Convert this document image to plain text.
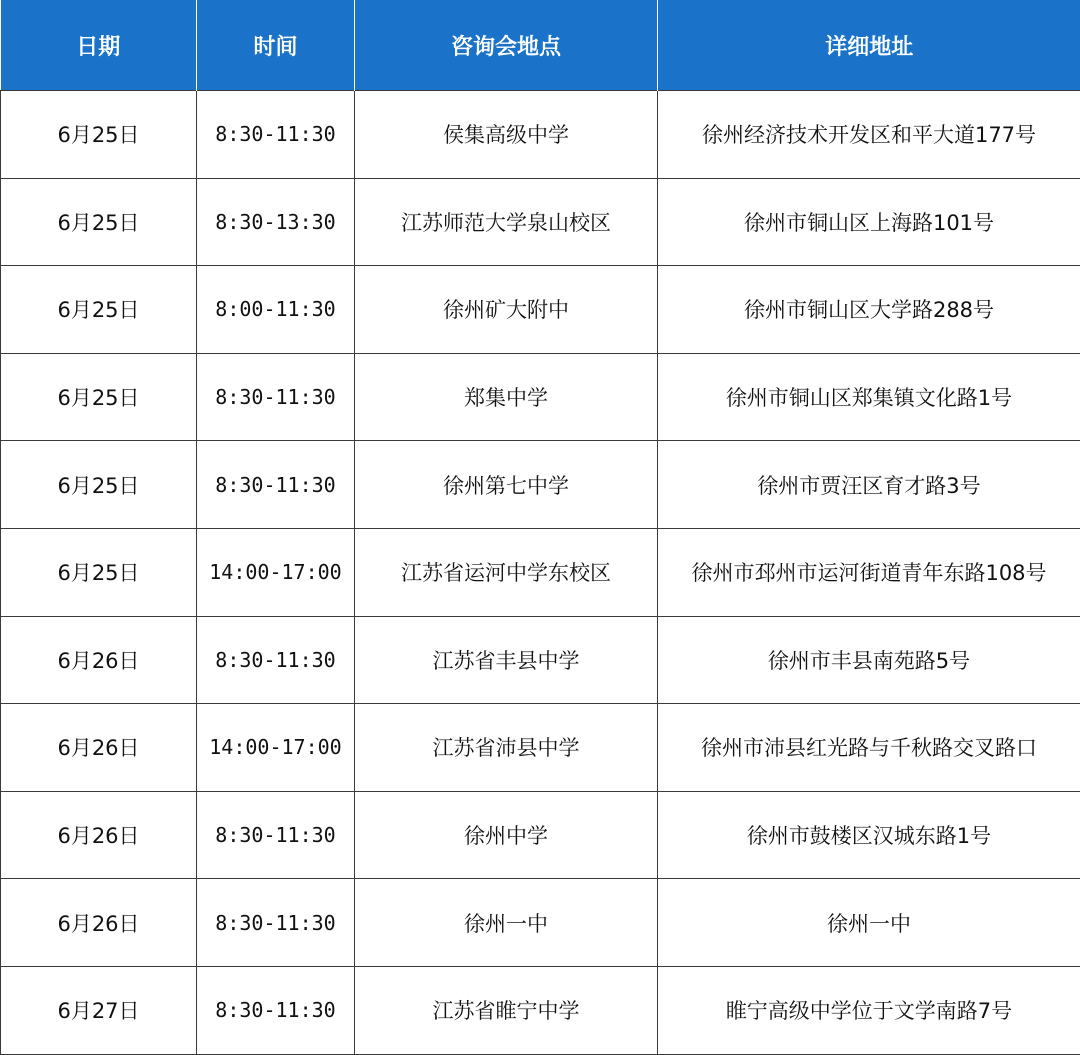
日期	时间	咨询会地点	详细地址
6月25日	8:30-11:30	侯集高级中学	徐州经济技术开发区和平大道177号
6月25日	8:30-13:30	江苏师范大学泉山校区	徐州市铜山区上海路101号
6月25日	8:00-11:30	徐州矿大附中	徐州市铜山区大学路288号
6月25日	8:30-11:30	郑集中学	徐州市铜山区郑集镇文化路1号
6月25日	8:30-11:30	徐州第七中学	徐州市贾汪区育才路3号
6月25日	14:00-17:00	江苏省运河中学东校区	徐州市邳州市运河街道青年东路108号
6月26日	8:30-11:30	江苏省丰县中学	徐州市丰县南苑路5号
6月26日	14:00-17:00	江苏省沛县中学	徐州市沛县红光路与千秋路交叉路口
6月26日	8:30-11:30	徐州中学	徐州市鼓楼区汉城东路1号
6月26日	8:30-11:30	徐州一中	徐州一中
6月27日	8:30-11:30	江苏省睢宁中学	睢宁高级中学位于文学南路7号
